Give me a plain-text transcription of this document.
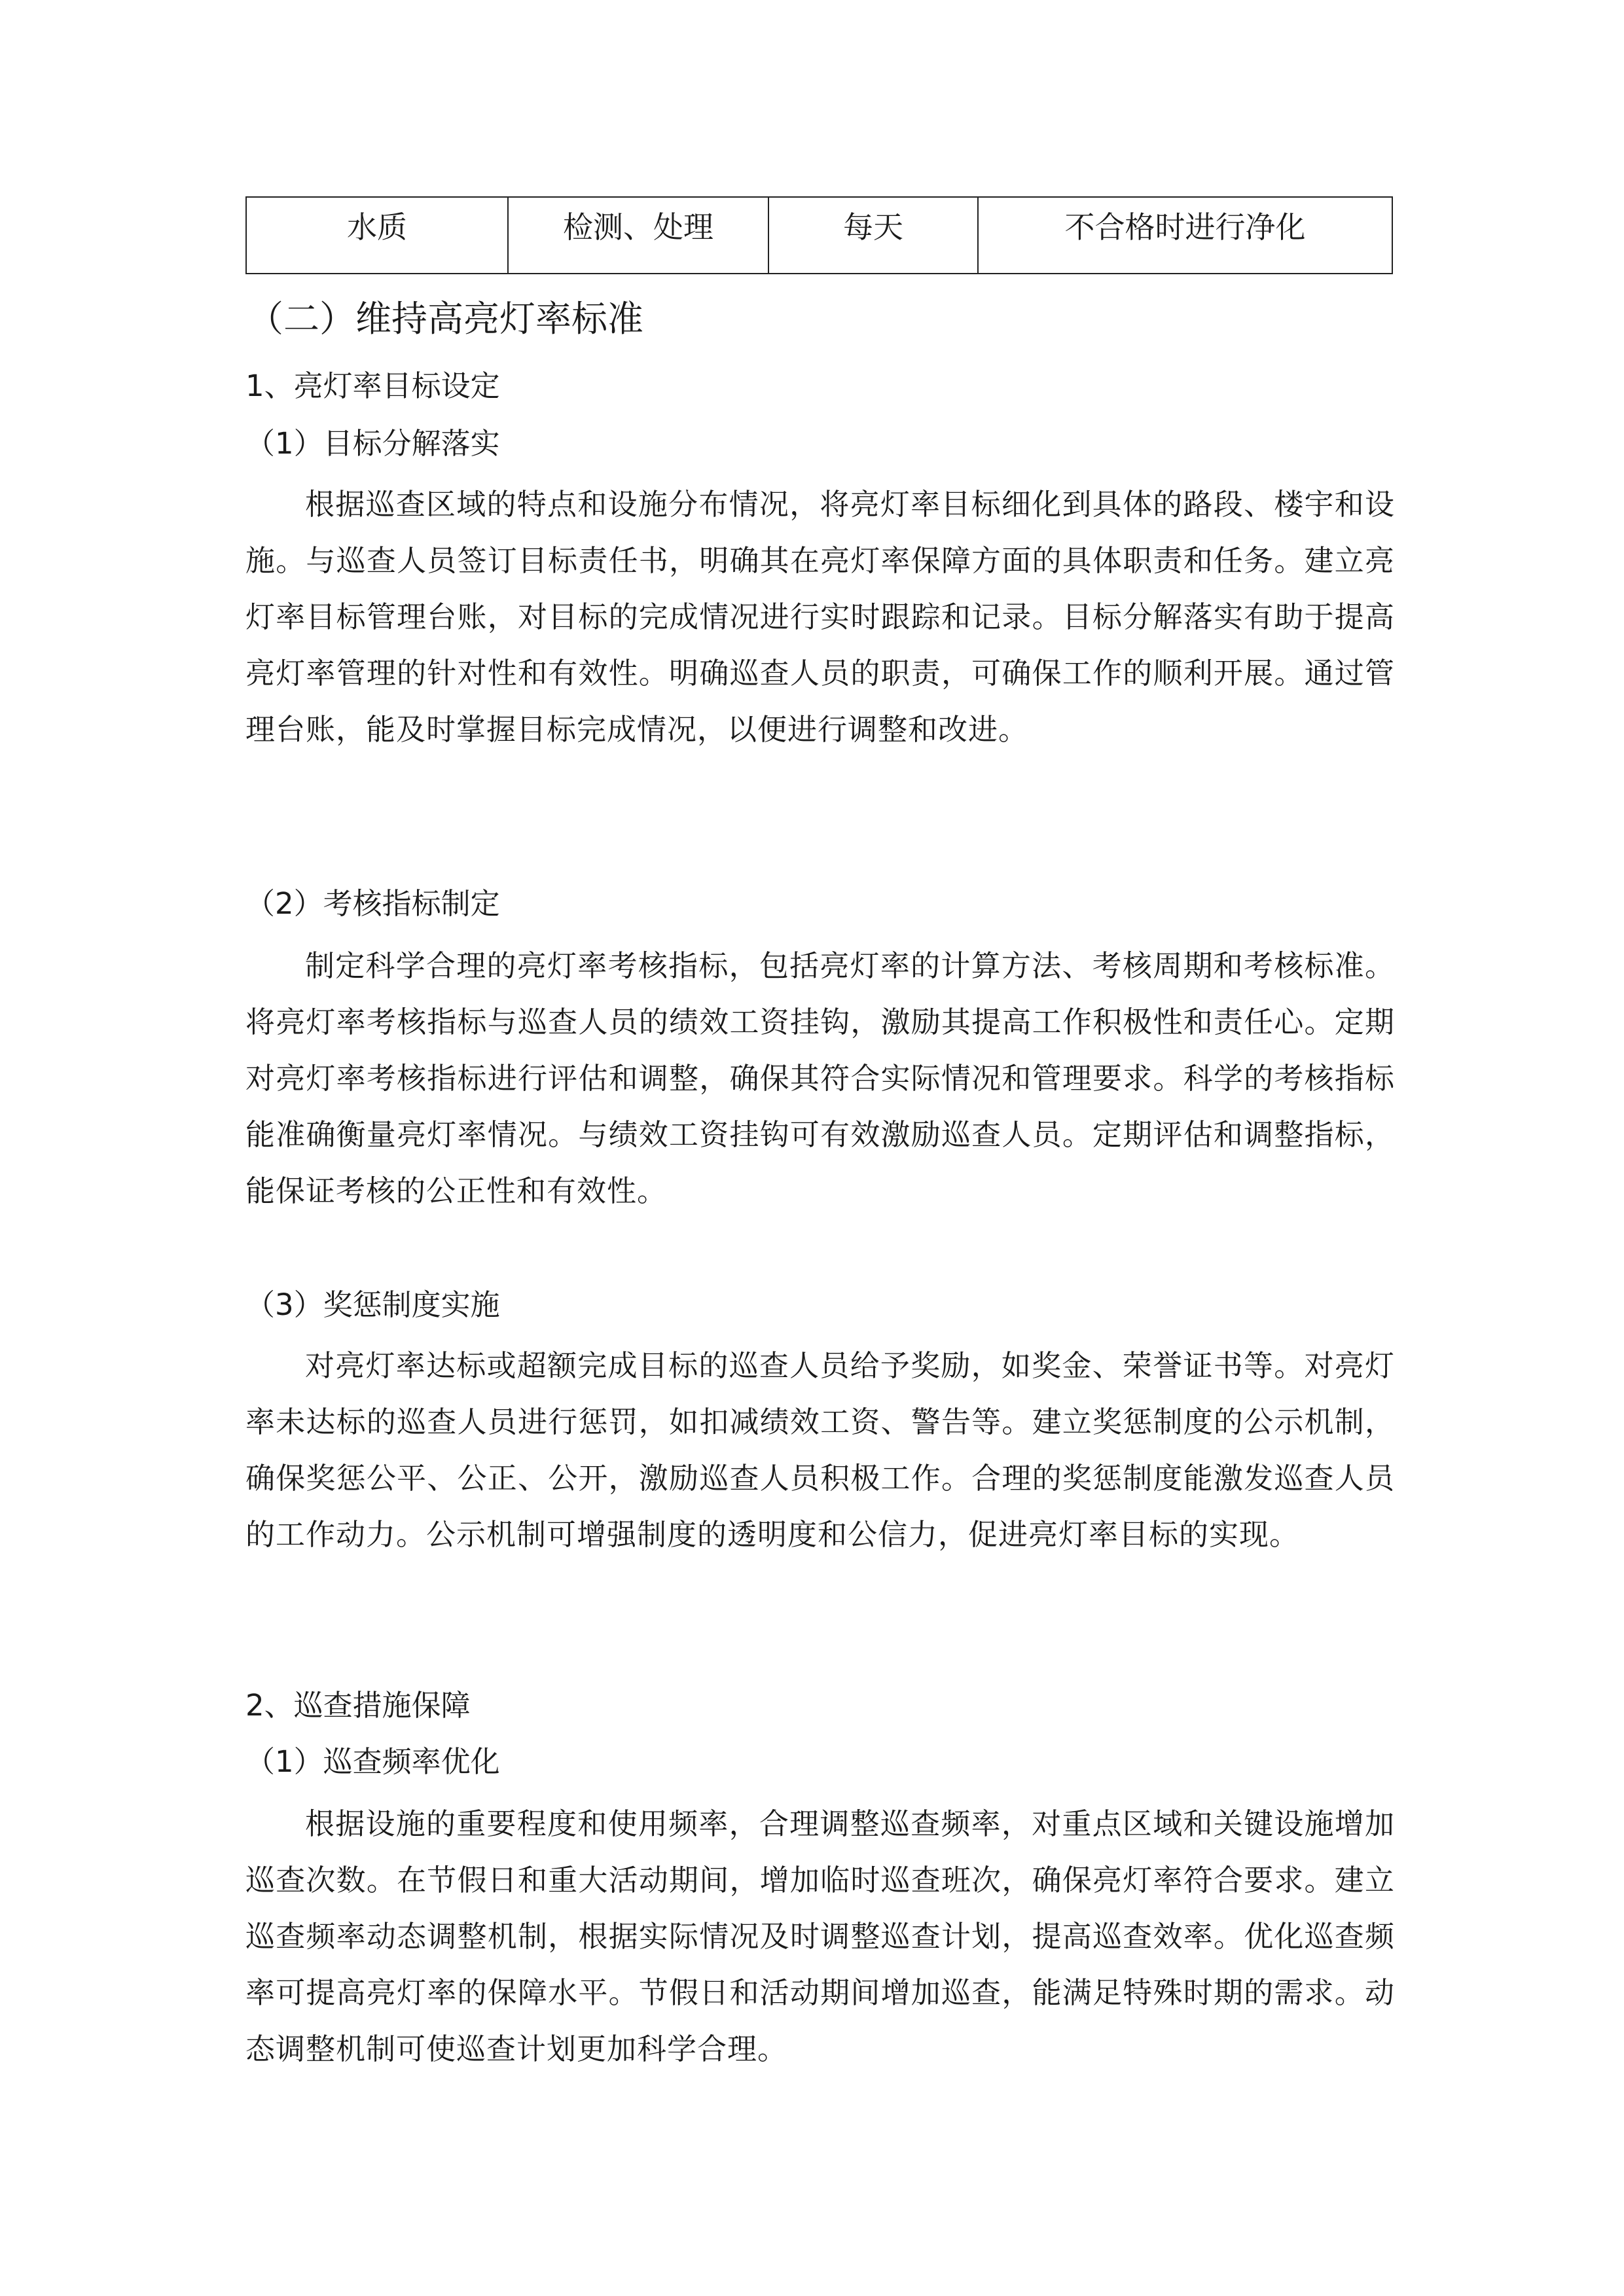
水质	检测、处理	每天	不合格时进行净化
（二）维持高亮灯率标准
1、亮灯率目标设定
（1）目标分解落实
根据巡查区域的特点和设施分布情况，将亮灯率目标细化到具体的路段、楼宇和设施。与巡查人员签订目标责任书，明确其在亮灯率保障方面的具体职责和任务。建立亮灯率目标管理台账，对目标的完成情况进行实时跟踪和记录。目标分解落实有助于提高亮灯率管理的针对性和有效性。明确巡查人员的职责，可确保工作的顺利开展。通过管理台账，能及时掌握目标完成情况，以便进行调整和改进。
（2）考核指标制定
制定科学合理的亮灯率考核指标，包括亮灯率的计算方法、考核周期和考核标准。将亮灯率考核指标与巡查人员的绩效工资挂钩，激励其提高工作积极性和责任心。定期对亮灯率考核指标进行评估和调整，确保其符合实际情况和管理要求。科学的考核指标能准确衡量亮灯率情况。与绩效工资挂钩可有效激励巡查人员。定期评估和调整指标，能保证考核的公正性和有效性。
（3）奖惩制度实施
对亮灯率达标或超额完成目标的巡查人员给予奖励，如奖金、荣誉证书等。对亮灯率未达标的巡查人员进行惩罚，如扣减绩效工资、警告等。建立奖惩制度的公示机制，确保奖惩公平、公正、公开，激励巡查人员积极工作。合理的奖惩制度能激发巡查人员的工作动力。公示机制可增强制度的透明度和公信力，促进亮灯率目标的实现。
2、巡查措施保障
（1）巡查频率优化
根据设施的重要程度和使用频率，合理调整巡查频率，对重点区域和关键设施增加巡查次数。在节假日和重大活动期间，增加临时巡查班次，确保亮灯率符合要求。建立巡查频率动态调整机制，根据实际情况及时调整巡查计划，提高巡查效率。优化巡查频率可提高亮灯率的保障水平。节假日和活动期间增加巡查，能满足特殊时期的需求。动态调整机制可使巡查计划更加科学合理。
